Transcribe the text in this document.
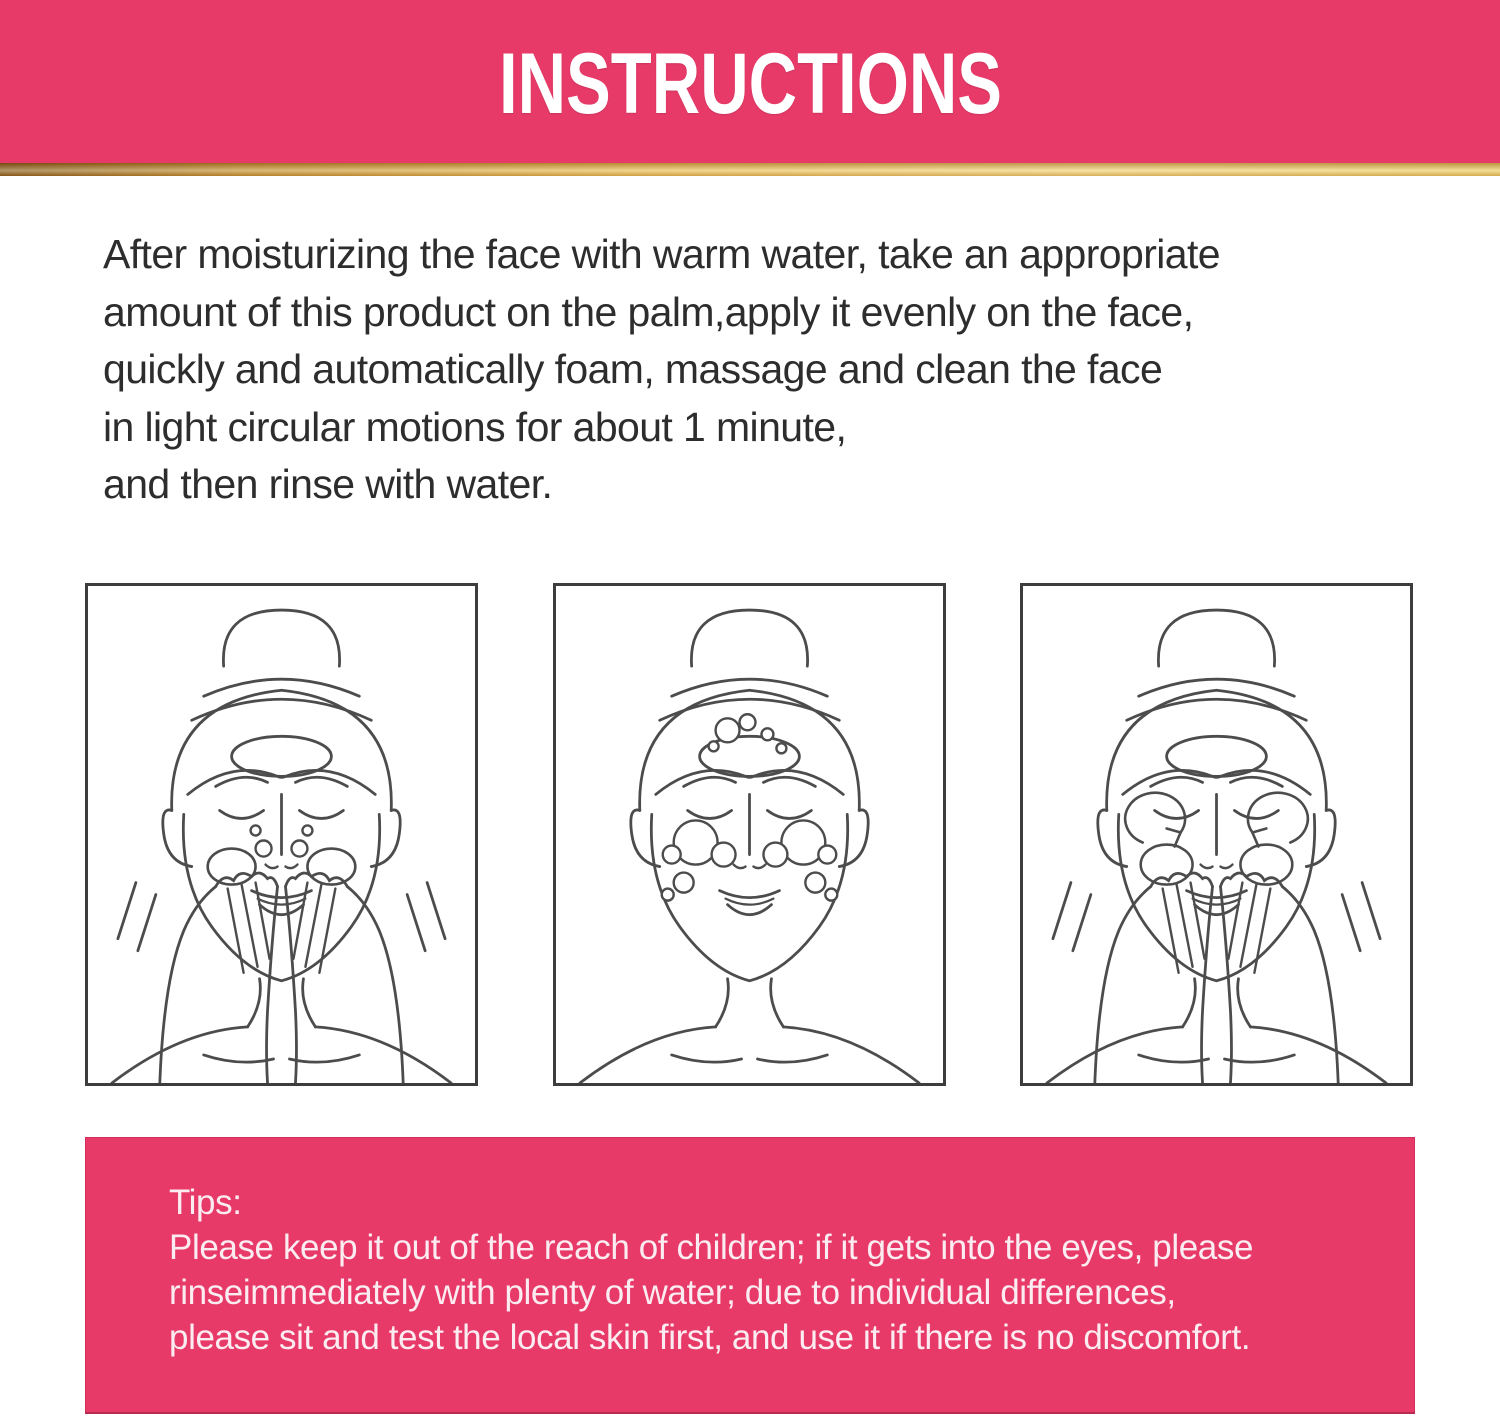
INSTRUCTIONS
After moisturizing the face with warm water, take an appropriate
amount of this product on the palm,apply it evenly on the face,
quickly and automatically foam, massage and clean the face
in light circular motions for about 1 minute,
and then rinse with water.
Tips:
Please keep it out of the reach of children; if it gets into the eyes, please
rinseimmediately with plenty of water; due to individual differences,
please sit and test the local skin first, and use it if there is no discomfort.
